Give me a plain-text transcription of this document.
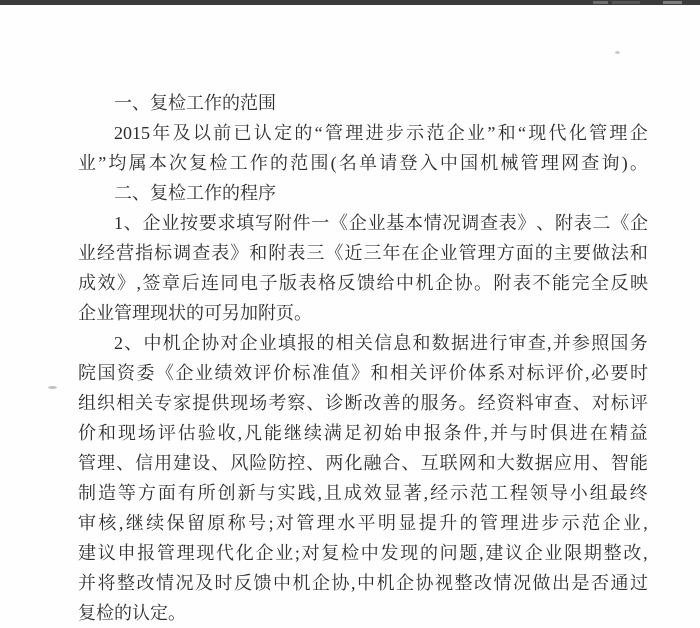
一、复检工作的范围
2015 年 及 以 前 已 认 定 的 “ 管 理 进 步 示 范 企 业 ” 和 “ 现 代 化 管 理 企
业 ” 均 属 本 次 复 检 工 作 的 范 围 ( 名 单 请 登 入 中 国 机 械 管 理 网 查 询 ) 。
二、复检工作的程序
1 、 企 业 按 要 求 填 写 附 件 一 《 企 业 基 本 情 况 调 查 表 》 、 附 表 二 《 企
业 经 营 指 标 调 查 表 》 和 附 表 三 《 近 三 年 在 企 业 管 理 方 面 的 主 要 做 法 和
成 效 》 , 签 章 后 连 同 电 子 版 表 格 反 馈 给 中 机 企 协 。 附 表 不 能 完 全 反 映
企业管理现状的可另加附页。
2 、 中 机 企 协 对 企 业 填 报 的 相 关 信 息 和 数 据 进 行 审 查 , 并 参 照 国 务
院 国 资 委 《 企 业 绩 效 评 价 标 准 值 》 和 相 关 评 价 体 系 对 标 评 价 , 必 要 时
组 织 相 关 专 家 提 供 现 场 考 察 、 诊 断 改 善 的 服 务 。 经 资 料 审 查 、 对 标 评
价 和 现 场 评 估 验 收 , 凡 能 继 续 满 足 初 始 申 报 条 件 , 并 与 时 俱 进 在 精 益
管 理 、 信 用 建 设 、 风 险 防 控 、 两 化 融 合 、 互 联 网 和 大 数 据 应 用 、 智 能
制 造 等 方 面 有 所 创 新 与 实 践 , 且 成 效 显 著 , 经 示 范 工 程 领 导 小 组 最 终
审 核 , 继 续 保 留 原 称 号 ; 对 管 理 水 平 明 显 提 升 的 管 理 进 步 示 范 企 业 ,
建 议 申 报 管 理 现 代 化 企 业 ; 对 复 检 中 发 现 的 问 题 , 建 议 企 业 限 期 整 改 ,
并 将 整 改 情 况 及 时 反 馈 中 机 企 协 , 中 机 企 协 视 整 改 情 况 做 出 是 否 通 过
复检的认定。
